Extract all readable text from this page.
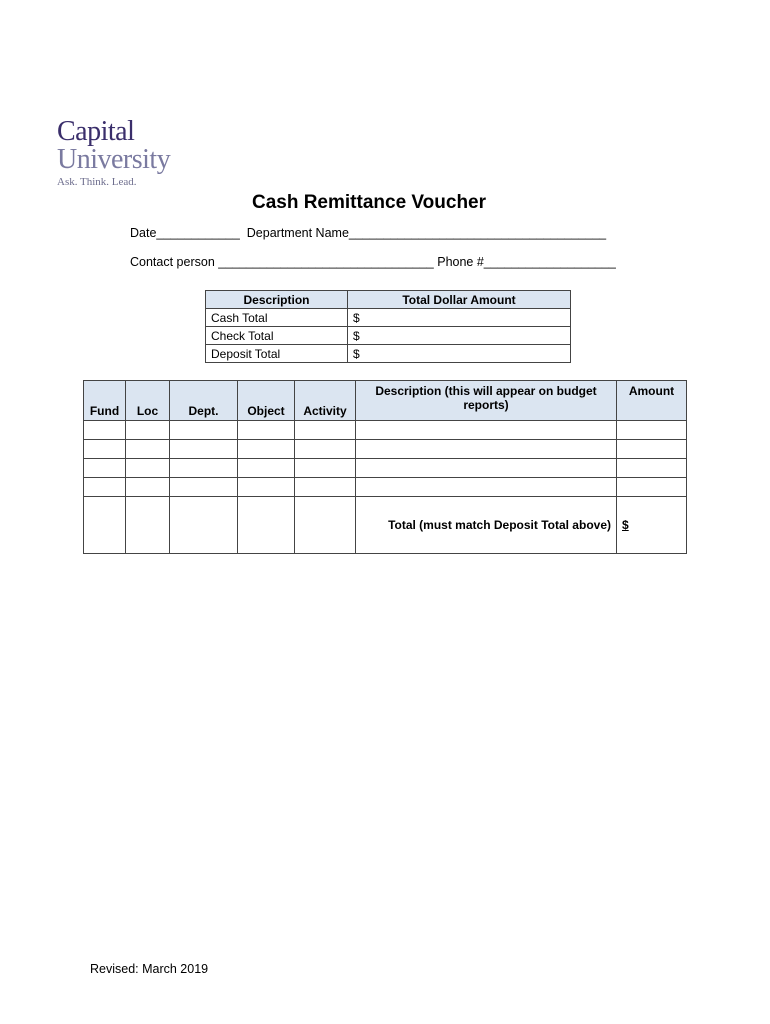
Capital
University
Ask. Think. Lead.
Cash Remittance Voucher
Date____________  Department Name_____________________________________
Contact person _______________________________ Phone #___________________
Description	Total Dollar Amount
Cash Total	$
Check Total	$
Deposit Total	$
Fund	Loc	Dept.	Object	Activity	Description (this will appear on budget reports)	Amount

					Total (must match Deposit Total above)	$
Revised: March 2019
